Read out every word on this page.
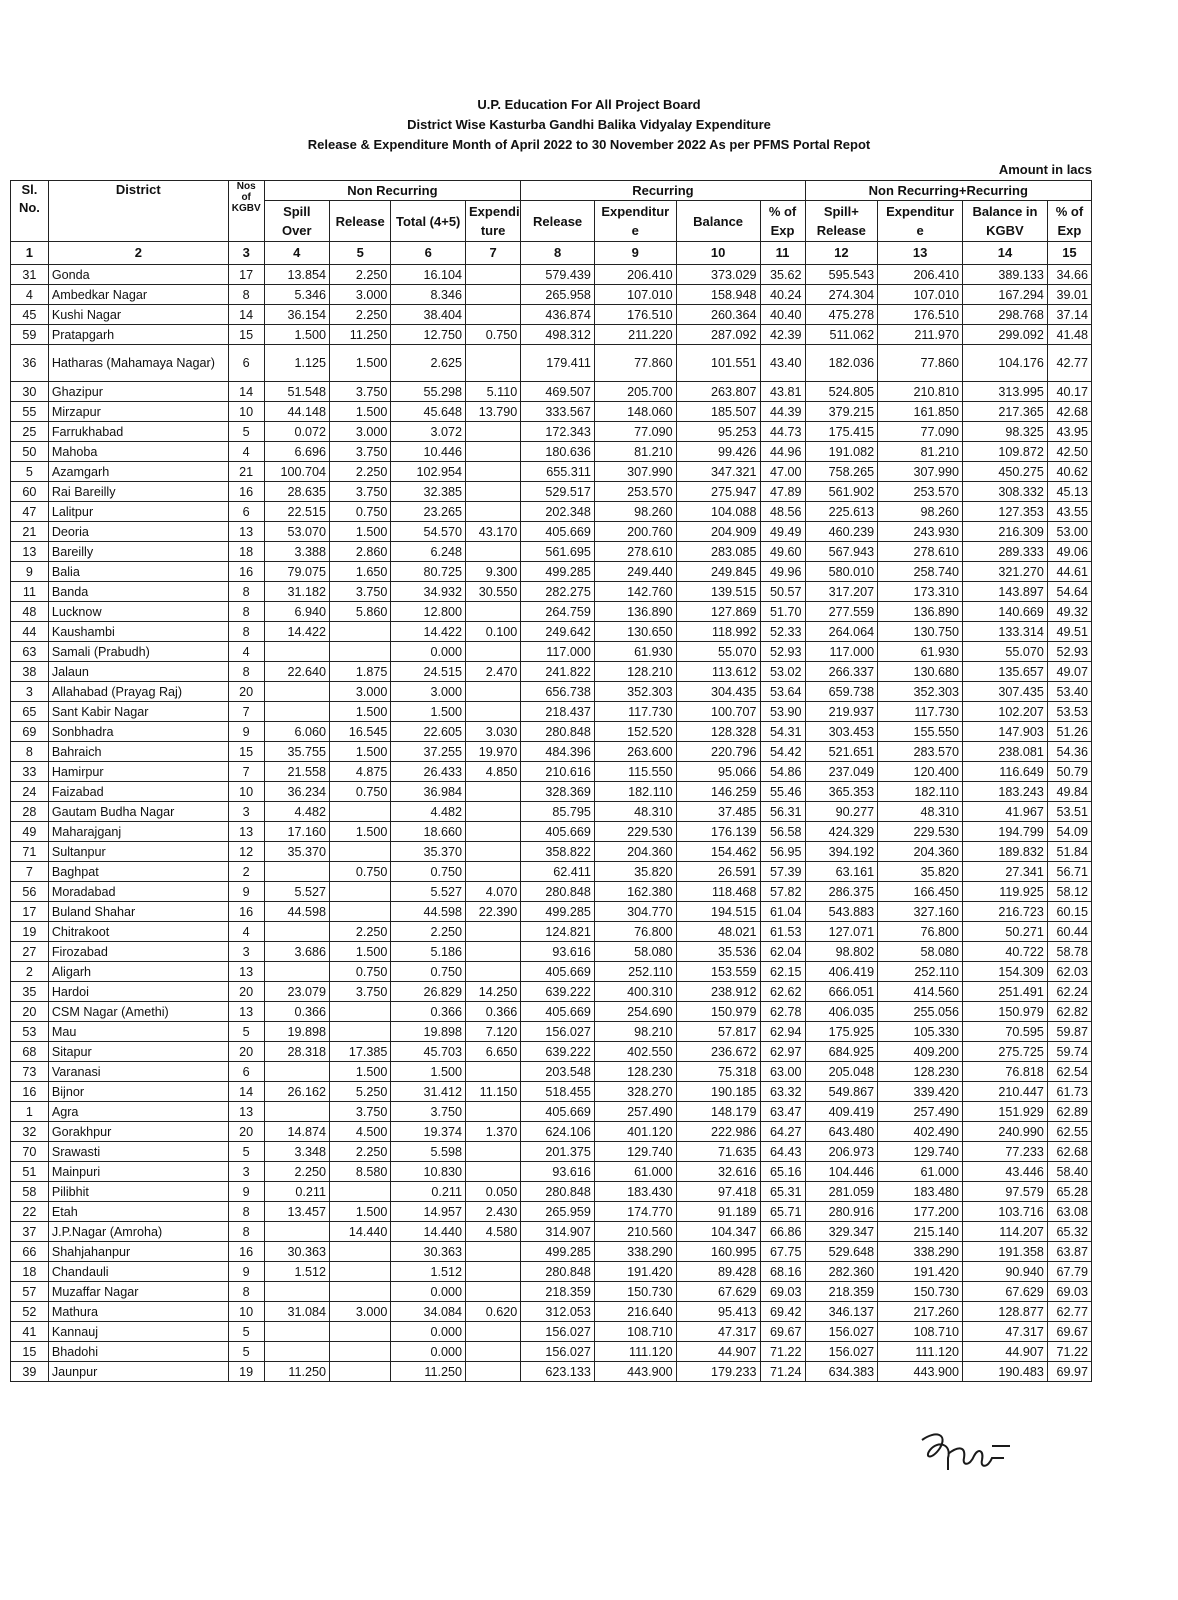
U.P. Education For All Project Board
District Wise Kasturba Gandhi Balika Vidyalay Expenditure
Release & Expenditure Month of April 2022 to 30 November 2022 As per PFMS Portal Repot
Amount in lacs
Sl. No.	District	Nos of KGBV	Non Recurring				Recurring				Non Recurring+Recurring			
			Spill Over	Release	Total (4+5)	Expendi ture	Release	Expenditur e	Balance	% of Exp	Spill+ Release	Expenditur e	Balance in KGBV	% of Exp
1	2	3	4	5	6	7	8	9	10	11	12	13	14	15
31	Gonda	17	13.854	2.250	16.104		579.439	206.410	373.029	35.62	595.543	206.410	389.133	34.66
4	Ambedkar Nagar	8	5.346	3.000	8.346		265.958	107.010	158.948	40.24	274.304	107.010	167.294	39.01
45	Kushi Nagar	14	36.154	2.250	38.404		436.874	176.510	260.364	40.40	475.278	176.510	298.768	37.14
59	Pratapgarh	15	1.500	11.250	12.750	0.750	498.312	211.220	287.092	42.39	511.062	211.970	299.092	41.48
36	Hatharas (Mahamaya Nagar)	6	1.125	1.500	2.625		179.411	77.860	101.551	43.40	182.036	77.860	104.176	42.77
30	Ghazipur	14	51.548	3.750	55.298	5.110	469.507	205.700	263.807	43.81	524.805	210.810	313.995	40.17
55	Mirzapur	10	44.148	1.500	45.648	13.790	333.567	148.060	185.507	44.39	379.215	161.850	217.365	42.68
25	Farrukhabad	5	0.072	3.000	3.072		172.343	77.090	95.253	44.73	175.415	77.090	98.325	43.95
50	Mahoba	4	6.696	3.750	10.446		180.636	81.210	99.426	44.96	191.082	81.210	109.872	42.50
5	Azamgarh	21	100.704	2.250	102.954		655.311	307.990	347.321	47.00	758.265	307.990	450.275	40.62
60	Rai Bareilly	16	28.635	3.750	32.385		529.517	253.570	275.947	47.89	561.902	253.570	308.332	45.13
47	Lalitpur	6	22.515	0.750	23.265		202.348	98.260	104.088	48.56	225.613	98.260	127.353	43.55
21	Deoria	13	53.070	1.500	54.570	43.170	405.669	200.760	204.909	49.49	460.239	243.930	216.309	53.00
13	Bareilly	18	3.388	2.860	6.248		561.695	278.610	283.085	49.60	567.943	278.610	289.333	49.06
9	Balia	16	79.075	1.650	80.725	9.300	499.285	249.440	249.845	49.96	580.010	258.740	321.270	44.61
11	Banda	8	31.182	3.750	34.932	30.550	282.275	142.760	139.515	50.57	317.207	173.310	143.897	54.64
48	Lucknow	8	6.940	5.860	12.800		264.759	136.890	127.869	51.70	277.559	136.890	140.669	49.32
44	Kaushambi	8	14.422		14.422	0.100	249.642	130.650	118.992	52.33	264.064	130.750	133.314	49.51
63	Samali (Prabudh)	4			0.000		117.000	61.930	55.070	52.93	117.000	61.930	55.070	52.93
38	Jalaun	8	22.640	1.875	24.515	2.470	241.822	128.210	113.612	53.02	266.337	130.680	135.657	49.07
3	Allahabad (Prayag Raj)	20		3.000	3.000		656.738	352.303	304.435	53.64	659.738	352.303	307.435	53.40
65	Sant Kabir Nagar	7		1.500	1.500		218.437	117.730	100.707	53.90	219.937	117.730	102.207	53.53
69	Sonbhadra	9	6.060	16.545	22.605	3.030	280.848	152.520	128.328	54.31	303.453	155.550	147.903	51.26
8	Bahraich	15	35.755	1.500	37.255	19.970	484.396	263.600	220.796	54.42	521.651	283.570	238.081	54.36
33	Hamirpur	7	21.558	4.875	26.433	4.850	210.616	115.550	95.066	54.86	237.049	120.400	116.649	50.79
24	Faizabad	10	36.234	0.750	36.984		328.369	182.110	146.259	55.46	365.353	182.110	183.243	49.84
28	Gautam Budha Nagar	3	4.482		4.482		85.795	48.310	37.485	56.31	90.277	48.310	41.967	53.51
49	Maharajganj	13	17.160	1.500	18.660		405.669	229.530	176.139	56.58	424.329	229.530	194.799	54.09
71	Sultanpur	12	35.370		35.370		358.822	204.360	154.462	56.95	394.192	204.360	189.832	51.84
7	Baghpat	2		0.750	0.750		62.411	35.820	26.591	57.39	63.161	35.820	27.341	56.71
56	Moradabad	9	5.527		5.527	4.070	280.848	162.380	118.468	57.82	286.375	166.450	119.925	58.12
17	Buland Shahar	16	44.598		44.598	22.390	499.285	304.770	194.515	61.04	543.883	327.160	216.723	60.15
19	Chitrakoot	4		2.250	2.250		124.821	76.800	48.021	61.53	127.071	76.800	50.271	60.44
27	Firozabad	3	3.686	1.500	5.186		93.616	58.080	35.536	62.04	98.802	58.080	40.722	58.78
2	Aligarh	13		0.750	0.750		405.669	252.110	153.559	62.15	406.419	252.110	154.309	62.03
35	Hardoi	20	23.079	3.750	26.829	14.250	639.222	400.310	238.912	62.62	666.051	414.560	251.491	62.24
20	CSM Nagar (Amethi)	13	0.366		0.366	0.366	405.669	254.690	150.979	62.78	406.035	255.056	150.979	62.82
53	Mau	5	19.898		19.898	7.120	156.027	98.210	57.817	62.94	175.925	105.330	70.595	59.87
68	Sitapur	20	28.318	17.385	45.703	6.650	639.222	402.550	236.672	62.97	684.925	409.200	275.725	59.74
73	Varanasi	6		1.500	1.500		203.548	128.230	75.318	63.00	205.048	128.230	76.818	62.54
16	Bijnor	14	26.162	5.250	31.412	11.150	518.455	328.270	190.185	63.32	549.867	339.420	210.447	61.73
1	Agra	13		3.750	3.750		405.669	257.490	148.179	63.47	409.419	257.490	151.929	62.89
32	Gorakhpur	20	14.874	4.500	19.374	1.370	624.106	401.120	222.986	64.27	643.480	402.490	240.990	62.55
70	Srawasti	5	3.348	2.250	5.598		201.375	129.740	71.635	64.43	206.973	129.740	77.233	62.68
51	Mainpuri	3	2.250	8.580	10.830		93.616	61.000	32.616	65.16	104.446	61.000	43.446	58.40
58	Pilibhit	9	0.211		0.211	0.050	280.848	183.430	97.418	65.31	281.059	183.480	97.579	65.28
22	Etah	8	13.457	1.500	14.957	2.430	265.959	174.770	91.189	65.71	280.916	177.200	103.716	63.08
37	J.P.Nagar (Amroha)	8		14.440	14.440	4.580	314.907	210.560	104.347	66.86	329.347	215.140	114.207	65.32
66	Shahjahanpur	16	30.363		30.363		499.285	338.290	160.995	67.75	529.648	338.290	191.358	63.87
18	Chandauli	9	1.512		1.512		280.848	191.420	89.428	68.16	282.360	191.420	90.940	67.79
57	Muzaffar Nagar	8			0.000		218.359	150.730	67.629	69.03	218.359	150.730	67.629	69.03
52	Mathura	10	31.084	3.000	34.084	0.620	312.053	216.640	95.413	69.42	346.137	217.260	128.877	62.77
41	Kannauj	5			0.000		156.027	108.710	47.317	69.67	156.027	108.710	47.317	69.67
15	Bhadohi	5			0.000		156.027	111.120	44.907	71.22	156.027	111.120	44.907	71.22
39	Jaunpur	19	11.250		11.250		623.133	443.900	179.233	71.24	634.383	443.900	190.483	69.97
